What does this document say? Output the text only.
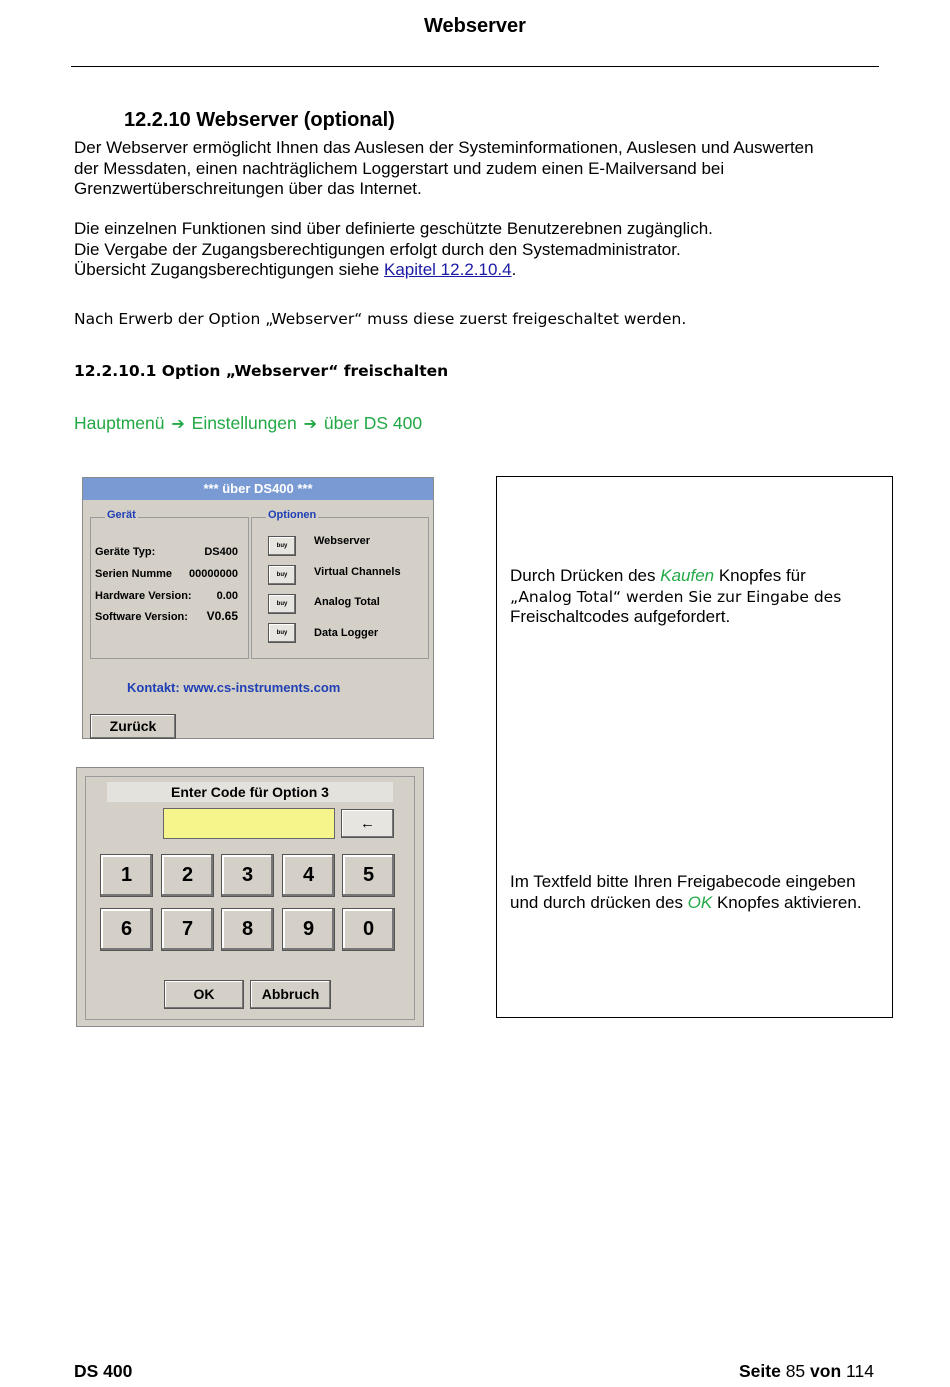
Webserver
12.2.10 Webserver (optional)
Der Webserver ermöglicht Ihnen das Auslesen der Systeminformationen, Auslesen und Auswerten
der Messdaten, einen nachträglichem Loggerstart und zudem einen E-Mailversand bei
Grenzwertüberschreitungen über das Internet.
Die einzelnen Funktionen sind über definierte geschützte Benutzerebnen zugänglich.
Die Vergabe der Zugangsberechtigungen erfolgt durch den Systemadministrator.
Übersicht Zugangsberechtigungen siehe Kapitel 12.2.10.4.
Nach Erwerb der Option „Webserver“ muss diese zuerst freigeschaltet werden.
12.2.10.1 Option „Webserver“ freischalten
Hauptmenü ➔ Einstellungen ➔ über DS 400
*** über DS400 ***
Gerät
Geräte Typ:	DS400
Serien Numme 00000000
Hardware Version: 0.00
Software Version: V0.65
Optionen
buy	Webserver
buy	Virtual Channels
buy	Analog Total
buy	Data Logger
Kontakt: www.cs-instruments.com
Zurück
Enter Code für Option 3
←
1	2	3	4	5
6	7	8	9	0
OK	Abbruch
Durch Drücken des Kaufen Knopfes für
„Analog Total“ werden Sie zur Eingabe des
Freischaltcodes aufgefordert.
Im Textfeld bitte Ihren Freigabecode eingeben
und durch drücken des OK Knopfes aktivieren.
DS 400	Seite 85 von 114
